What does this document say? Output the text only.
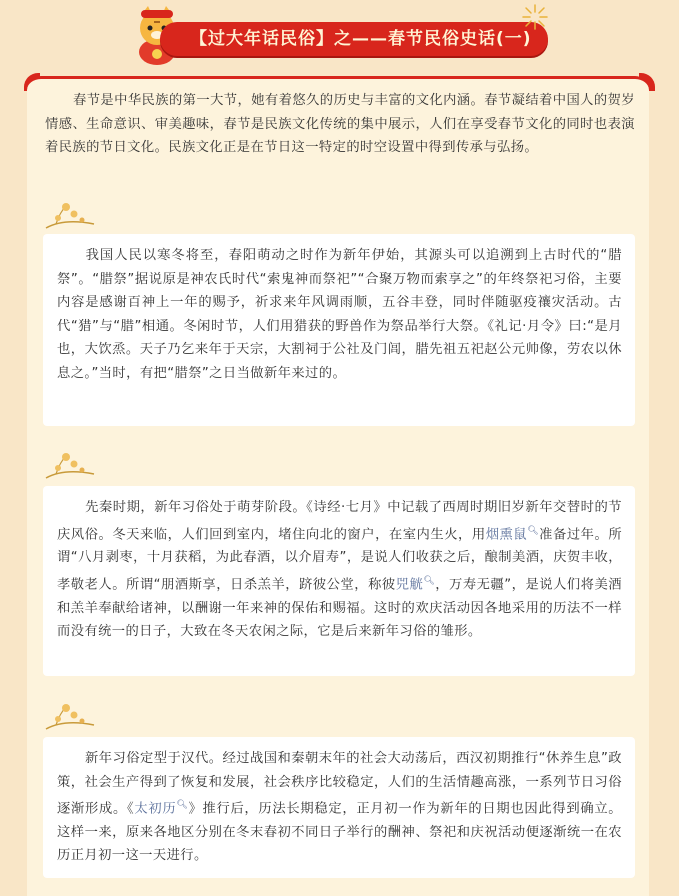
【过大年话民俗】之——春节民俗史话(一)
春节是中华民族的第一大节，她有着悠久的历史与丰富的文化内涵。春节凝结着中国人的贺岁情感、生命意识、审美趣味，春节是民族文化传统的集中展示，人们在享受春节文化的同时也表演着民族的节日文化。民族文化正是在节日这一特定的时空设置中得到传承与弘扬。
我国人民以寒冬将至，春阳萌动之时作为新年伊始，其源头可以追溯到上古时代的“腊祭”。“腊祭”据说原是神农氏时代“索鬼神而祭祀”“合聚万物而索享之”的年终祭祀习俗，主要内容是感谢百神上一年的赐予，祈求来年风调雨顺，五谷丰登，同时伴随驱疫禳灾活动。古代“猎”与“腊”相通。冬闲时节，人们用猎获的野兽作为祭品举行大祭。《礼记·月令》曰:“是月也，大饮烝。天子乃乞来年于天宗，大割祠于公社及门闾，腊先祖五祀赵公元帅像，劳农以休息之。”当时，有把“腊祭”之日当做新年来过的。
先秦时期，新年习俗处于萌芽阶段。《诗经·七月》中记载了西周时期旧岁新年交替时的节庆风俗。冬天来临，人们回到室内，堵住向北的窗户，在室内生火，用烟熏鼠🔍︎准备过年。所谓“八月剥枣，十月获稻，为此春酒，以介眉寿”，是说人们收获之后，酿制美酒，庆贺丰收，孝敬老人。所谓“朋酒斯享，日杀羔羊，跻彼公堂，称彼兕觥🔍︎，万寿无疆”，是说人们将美酒和羔羊奉献给诸神，以酬谢一年来神的保佑和赐福。这时的欢庆活动因各地采用的历法不一样而没有统一的日子，大致在冬天农闲之际，它是后来新年习俗的雏形。
新年习俗定型于汉代。经过战国和秦朝末年的社会大动荡后，西汉初期推行“休养生息”政策，社会生产得到了恢复和发展，社会秩序比较稳定，人们的生活情趣高涨，一系列节日习俗逐渐形成。《太初历🔍︎》推行后，历法长期稳定，正月初一作为新年的日期也因此得到确立。这样一来，原来各地区分别在冬末春初不同日子举行的酬神、祭祀和庆祝活动便逐渐统一在农历正月初一这一天进行。
